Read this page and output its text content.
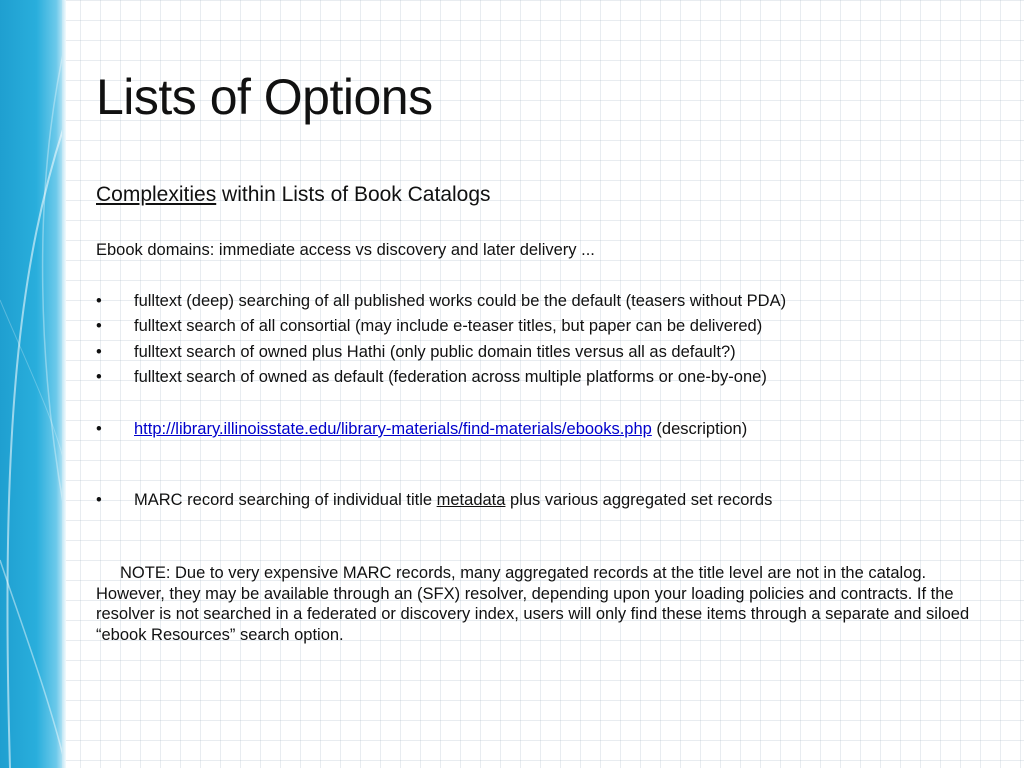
Lists of Options

Complexities within Lists of Book Catalogs

Ebook domains: immediate access vs discovery and later delivery ...

• fulltext (deep) searching of all published works could be the default (teasers without PDA)
• fulltext search of all consortial (may include e-teaser titles, but paper can be delivered)
• fulltext search of owned plus Hathi (only public domain titles versus all as default?)
• fulltext search of owned as default (federation across multiple platforms or one-by-one)
• http://library.illinoisstate.edu/library-materials/find-materials/ebooks.php (description)
• MARC record searching of individual title metadata plus various aggregated set records

NOTE: Due to very expensive MARC records, many aggregated records at the title level are not in the catalog. However, they may be available through an (SFX) resolver, depending upon your loading policies and contracts. If the resolver is not searched in a federated or discovery index, users will only find these items through a separate and siloed “ebook Resources” search option.
